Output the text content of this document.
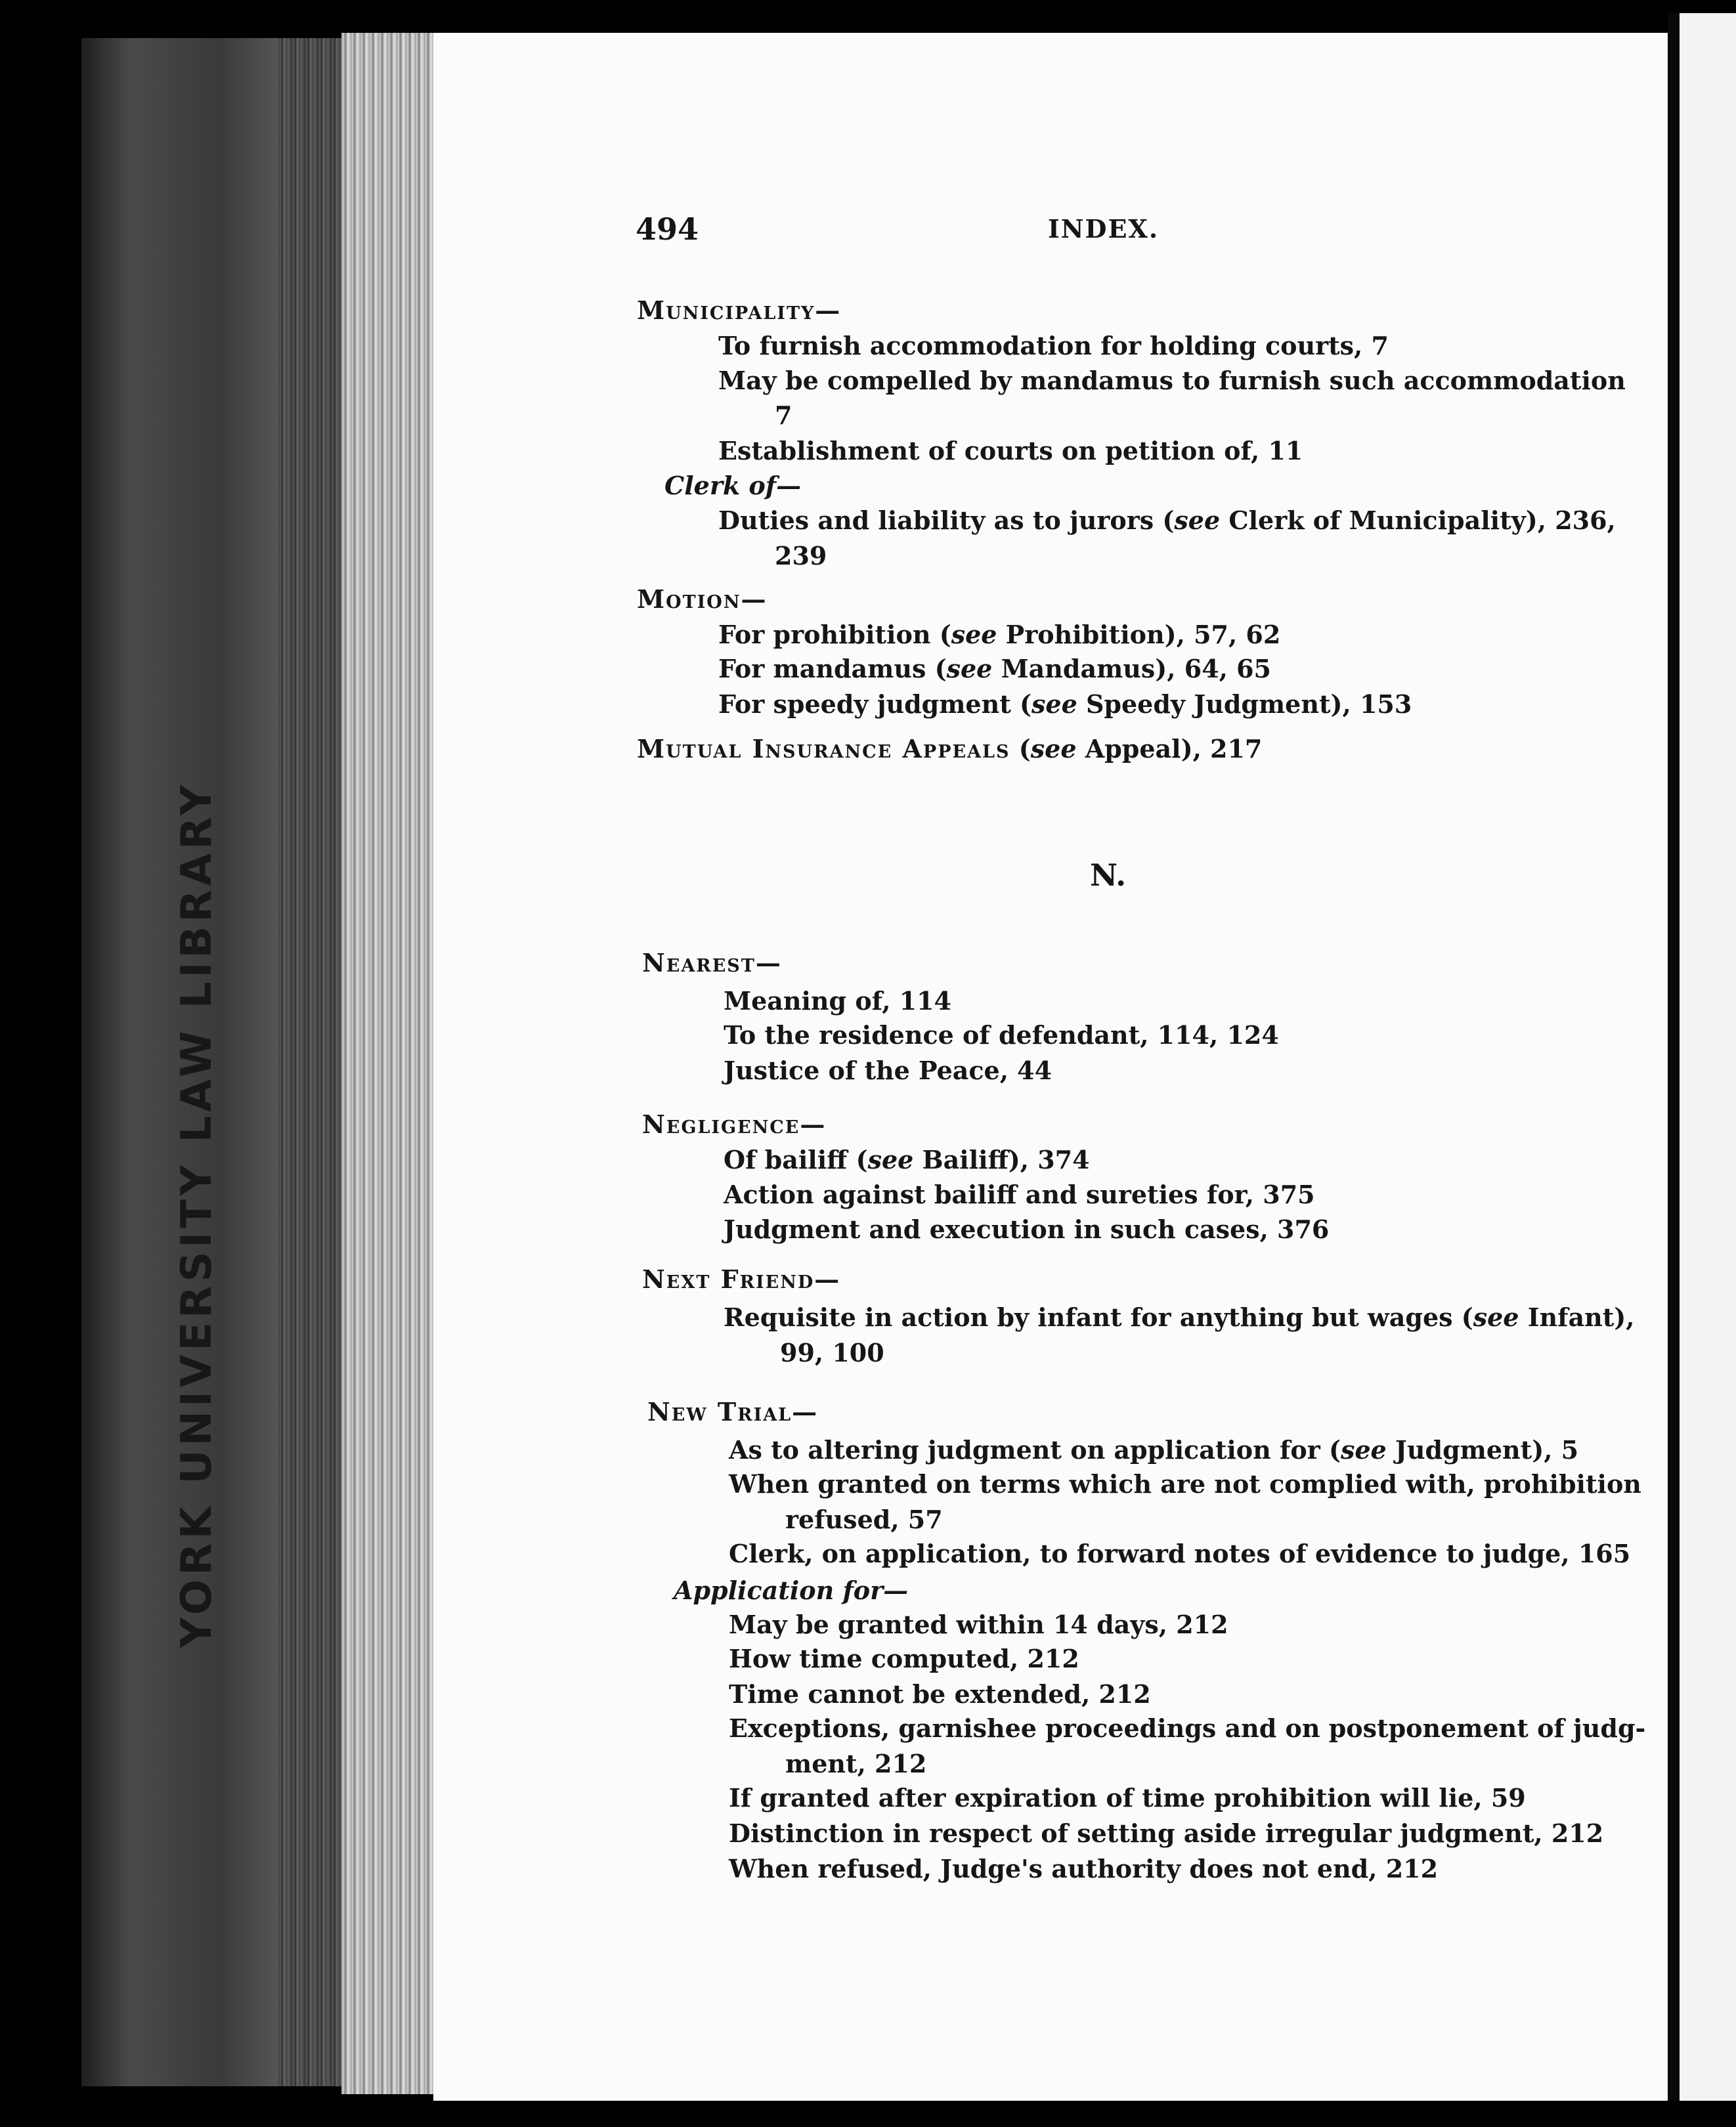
YORK UNIVERSITY LAW LIBRARY
494	INDEX.
N.
Municipality—
To furnish accommodation for holding courts, 7
May be compelled by mandamus to furnish such accommodation
7
Establishment of courts on petition of, 11
Clerk of—
Duties and liability as to jurors (see Clerk of Municipality), 236,
239
Motion—
For prohibition (see Prohibition), 57, 62
For mandamus (see Mandamus), 64, 65
For speedy judgment (see Speedy Judgment), 153
Mutual Insurance Appeals (see Appeal), 217
Nearest—
Meaning of, 114
To the residence of defendant, 114, 124
Justice of the Peace, 44
Negligence—
Of bailiff (see Bailiff), 374
Action against bailiff and sureties for, 375
Judgment and execution in such cases, 376
Next Friend—
Requisite in action by infant for anything but wages (see Infant),
99, 100
New Trial—
As to altering judgment on application for (see Judgment), 5
When granted on terms which are not complied with, prohibition
refused, 57
Clerk, on application, to forward notes of evidence to judge, 165
Application for—
May be granted within 14 days, 212
How time computed, 212
Time cannot be extended, 212
Exceptions, garnishee proceedings and on postponement of judg-
ment, 212
If granted after expiration of time prohibition will lie, 59
Distinction in respect of setting aside irregular judgment, 212
When refused, Judge's authority does not end, 212
